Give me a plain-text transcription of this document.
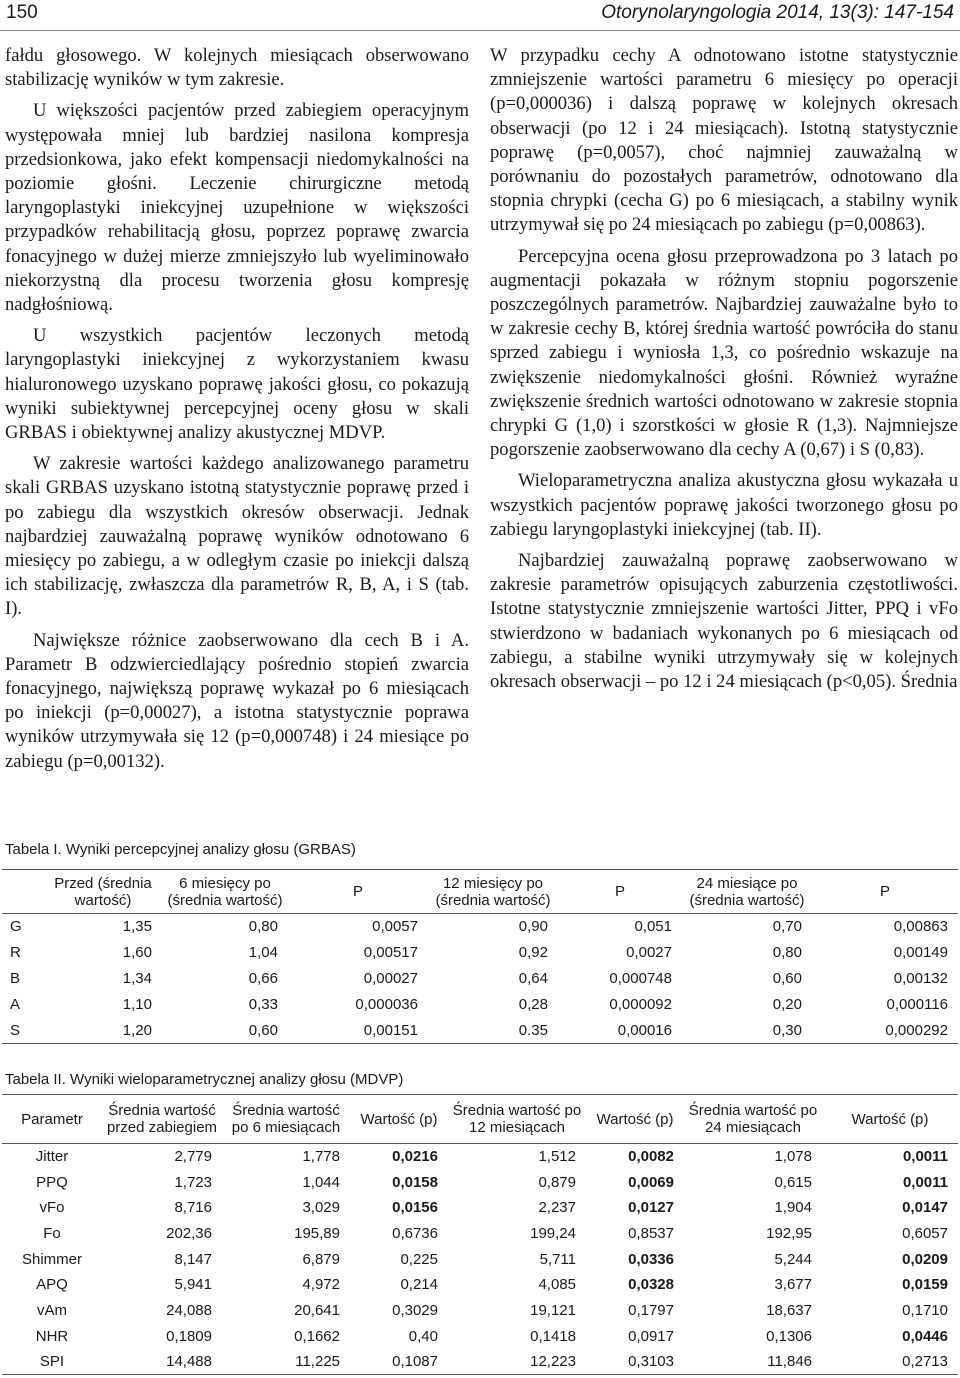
150	Otorynolaryngologia 2014, 13(3): 147-154

fałdu głosowego. W kolejnych miesiącach obserwowano stabilizację wyników w tym zakresie.

U większości pacjentów przed zabiegiem operacyjnym występowała mniej lub bardziej nasilona kompresja przedsionkowa, jako efekt kompensacji niedomykalności na poziomie głośni. Leczenie chirurgiczne metodą laryngoplastyki iniekcyjnej uzupełnione w większości przypadków rehabilitacją głosu, poprzez poprawę zwarcia fonacyjnego w dużej mierze zmniejszyło lub wyeliminowało niekorzystną dla procesu tworzenia głosu kompresję nadgłośniową.

U wszystkich pacjentów leczonych metodą laryngoplastyki iniekcyjnej z wykorzystaniem kwasu hialuronowego uzyskano poprawę jakości głosu, co pokazują wyniki subiektywnej percepcyjnej oceny głosu w skali GRBAS i obiektywnej analizy akustycznej MDVP.

W zakresie wartości każdego analizowanego parametru skali GRBAS uzyskano istotną statystycznie poprawę przed i po zabiegu dla wszystkich okresów obserwacji. Jednak najbardziej zauważalną poprawę wyników odnotowano 6 miesięcy po zabiegu, a w odległym czasie po iniekcji dalszą ich stabilizację, zwłaszcza dla parametrów R, B, A, i S (tab. I).

Największe różnice zaobserwowano dla cech B i A. Parametr B odzwierciedlający pośrednio stopień zwarcia fonacyjnego, największą poprawę wykazał po 6 miesiącach po iniekcji (p=0,00027), a istotna statystycznie poprawa wyników utrzymywała się 12 (p=0,000748) i 24 miesiące po zabiegu (p=0,00132).

W przypadku cechy A odnotowano istotne statystycznie zmniejszenie wartości parametru 6 miesięcy po operacji (p=0,000036) i dalszą poprawę w kolejnych okresach obserwacji (po 12 i 24 miesiącach). Istotną statystycznie poprawę (p=0,0057), choć najmniej zauważalną w porównaniu do pozostałych parametrów, odnotowano dla stopnia chrypki (cecha G) po 6 miesiącach, a stabilny wynik utrzymywał się po 24 miesiącach po zabiegu (p=0,00863).

Percepcyjna ocena głosu przeprowadzona po 3 latach po augmentacji pokazała w różnym stopniu pogorszenie poszczególnych parametrów. Najbardziej zauważalne było to w zakresie cechy B, której średnia wartość powróciła do stanu sprzed zabiegu i wyniosła 1,3, co pośrednio wskazuje na zwiększenie niedomykalności głośni. Również wyraźne zwiększenie średnich wartości odnotowano w zakresie stopnia chrypki G (1,0) i szorstkości w głosie R (1,3). Najmniejsze pogorszenie zaobserwowano dla cechy A (0,67) i S (0,83).

Wieloparametryczna analiza akustyczna głosu wykazała u wszystkich pacjentów poprawę jakości tworzonego głosu po zabiegu laryngoplastyki iniekcyjnej (tab. II).

Najbardziej zauważalną poprawę zaobserwowano w zakresie parametrów opisujących zaburzenia częstotliwości. Istotne statystycznie zmniejszenie wartości Jitter, PPQ i vFo stwierdzono w badaniach wykonanych po 6 miesiącach od zabiegu, a stabilne wyniki utrzymywały się w kolejnych okresach obserwacji – po 12 i 24 miesiącach (p<0,05). Średnia

Tabela I. Wyniki percepcyjnej analizy głosu (GRBAS)
	Przed (średnia wartość)	6 miesięcy po (średnia wartość)	P	12 miesięcy po (średnia wartość)	P	24 miesiące po (średnia wartość)	P
G	1,35	0,80	0,0057	0,90	0,051	0,70	0,00863
R	1,60	1,04	0,00517	0,92	0,0027	0,80	0,00149
B	1,34	0,66	0,00027	0,64	0,000748	0,60	0,00132
A	1,10	0,33	0,000036	0,28	0,000092	0,20	0,000116
S	1,20	0,60	0,00151	0.35	0,00016	0,30	0,000292
Tabela II. Wyniki wieloparametrycznej analizy głosu (MDVP)
Parametr	Średnia wartość przed zabiegiem	Średnia wartość po 6 miesiącach	Wartość (p)	Średnia wartość po 12 miesiącach	Wartość (p)	Średnia wartość po 24 miesiącach	Wartość (p)
Jitter	2,779	1,778	0,0216	1,512	0,0082	1,078	0,0011
PPQ	1,723	1,044	0,0158	0,879	0,0069	0,615	0,0011
vFo	8,716	3,029	0,0156	2,237	0,0127	1,904	0,0147
Fo	202,36	195,89	0,6736	199,24	0,8537	192,95	0,6057
Shimmer	8,147	6,879	0,225	5,711	0,0336	5,244	0,0209
APQ	5,941	4,972	0,214	4,085	0,0328	3,677	0,0159
vAm	24,088	20,641	0,3029	19,121	0,1797	18,637	0,1710
NHR	0,1809	0,1662	0,40	0,1418	0,0917	0,1306	0,0446
SPI	14,488	11,225	0,1087	12,223	0,3103	11,846	0,2713
